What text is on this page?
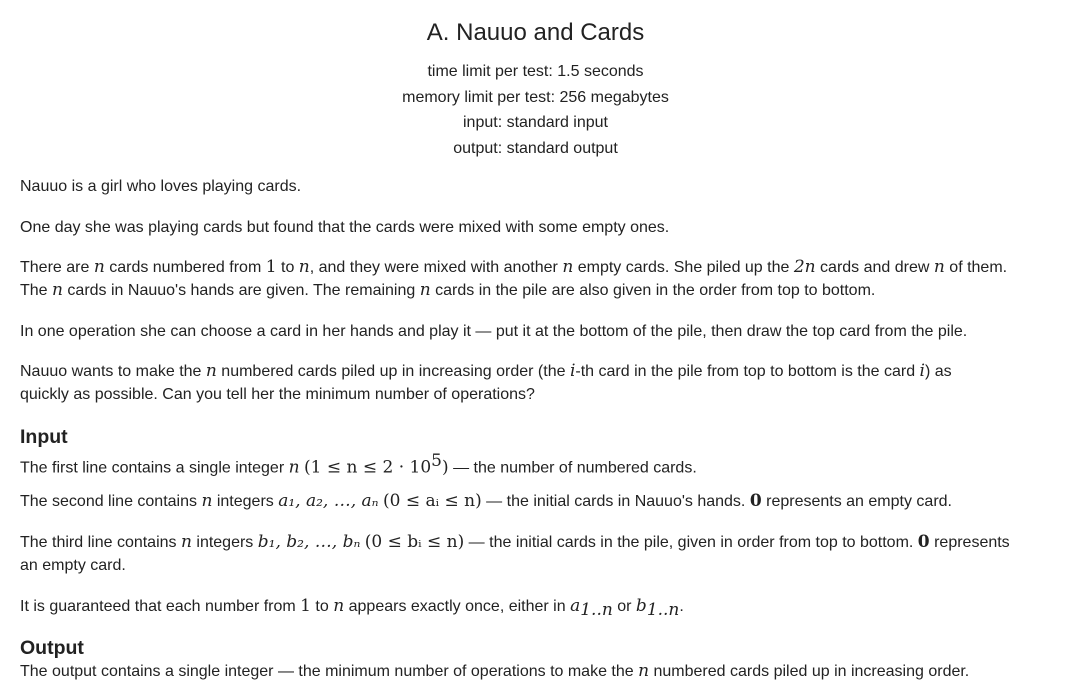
A. Nauuo and Cards
time limit per test: 1.5 seconds
memory limit per test: 256 megabytes
input: standard input
output: standard output

Nauuo is a girl who loves playing cards.

One day she was playing cards but found that the cards were mixed with some empty ones.

There are n cards numbered from 1 to n, and they were mixed with another n empty cards. She piled up the 2n cards and drew n of them.

The n cards in Nauuo's hands are given. The remaining n cards in the pile are also given in the order from top to bottom.

In one operation she can choose a card in her hands and play it — put it at the bottom of the pile, then draw the top card from the pile.

Nauuo wants to make the n numbered cards piled up in increasing order (the i-th card in the pile from top to bottom is the card i) as

quickly as possible. Can you tell her the minimum number of operations?

Input

The first line contains a single integer n $(1 \le n \le 2 \cdot 10^5)$ — the number of numbered cards.

The second line contains n integers a₁, a₂, …, aₙ (0 ≤ aᵢ ≤ n) — the initial cards in Nauuo's hands. 0 represents an empty card.

The third line contains n integers b₁, b₂, …, bₙ (0 ≤ bᵢ ≤ n) — the initial cards in the pile, given in order from top to bottom. 0 represents

an empty card.

It is guaranteed that each number from 1 to n appears exactly once, either in $a_{1..n}$ or $b_{1..n}$.

Output

The output contains a single integer — the minimum number of operations to make the n numbered cards piled up in increasing order.
